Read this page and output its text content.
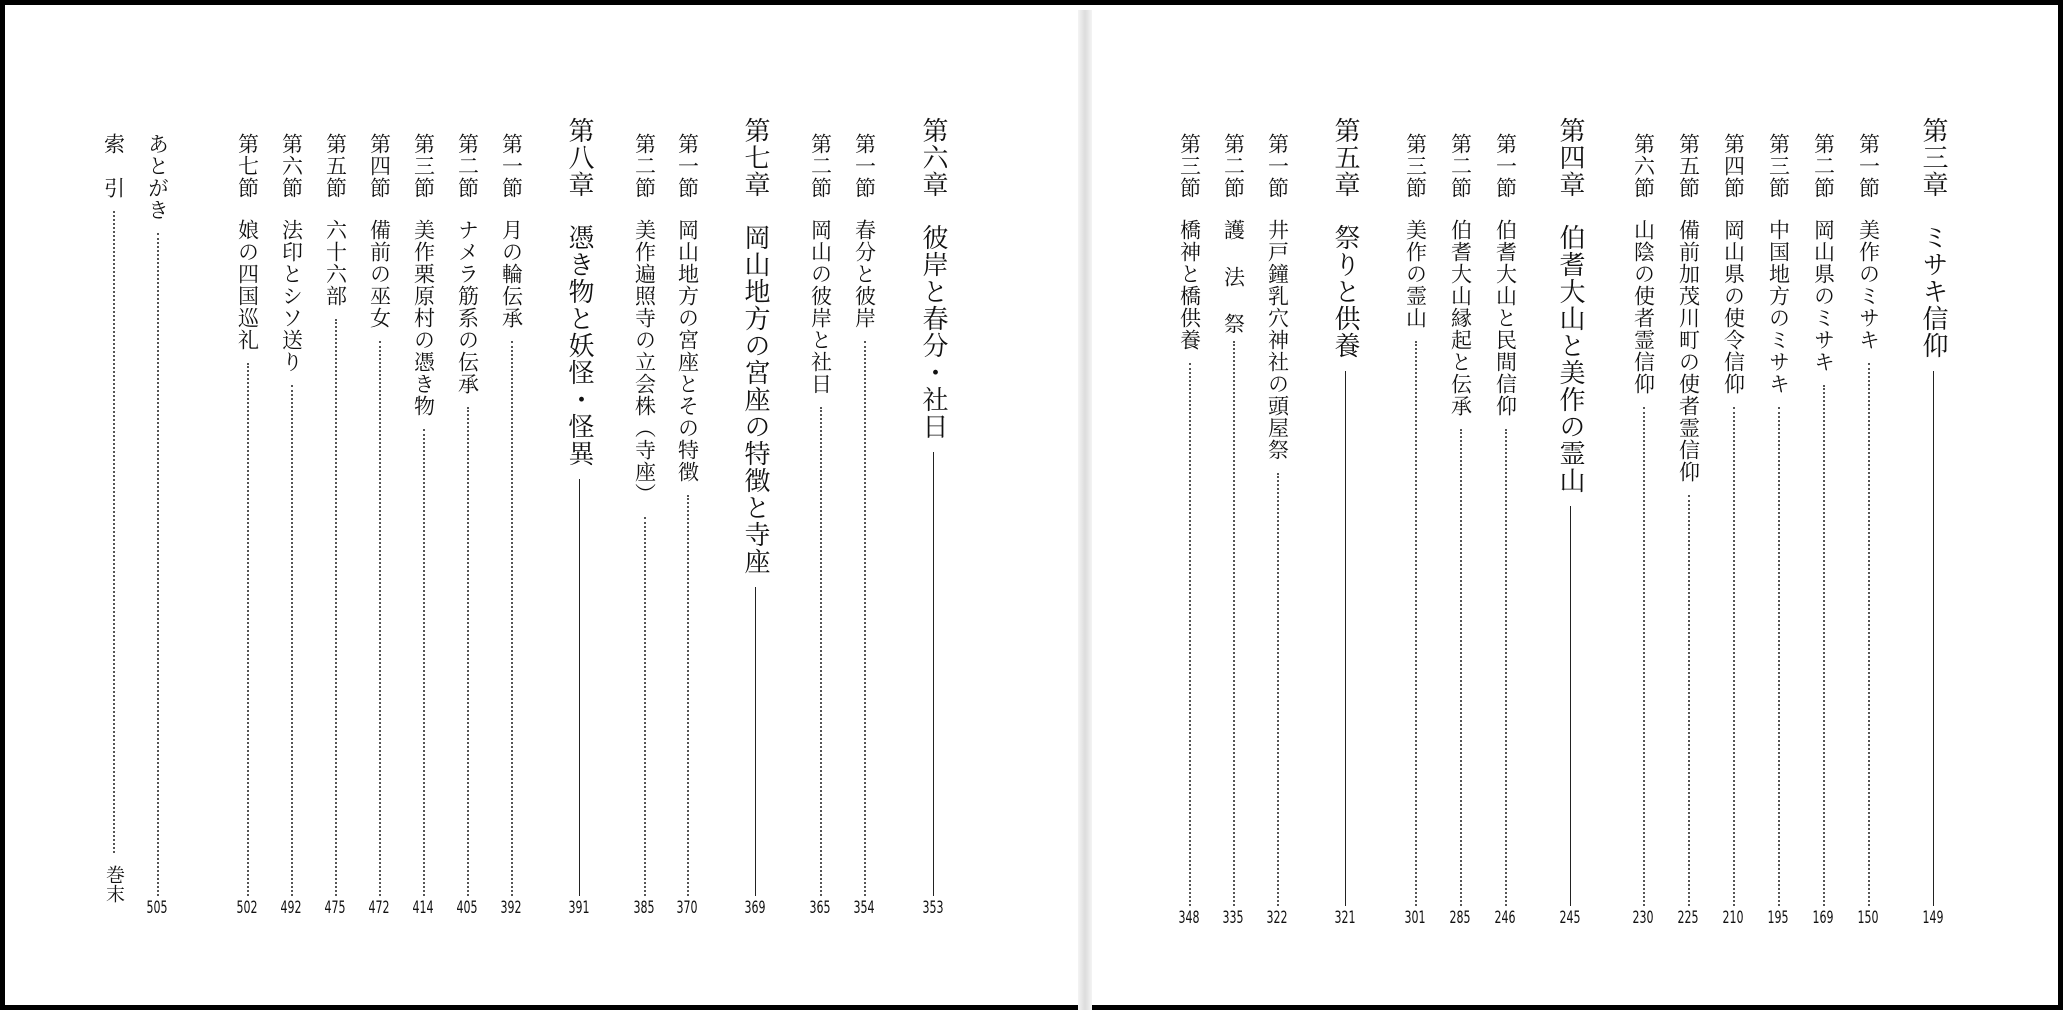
第六章
彼岸と春分・社日
353
第一節
春分と彼岸
354
第二節
岡山の彼岸と社日
365
第七章
岡山地方の宮座の特徴と寺座
369
第一節
岡山地方の宮座とその特徴
370
第二節
美作遍照寺の立会株（寺座）
385
第八章
憑き物と妖怪・怪異
391
第一節
月の輪伝承
392
第二節
ナメラ筋系の伝承
405
第三節
美作栗原村の憑き物
414
第四節
備前の巫女
472
第五節
六十六部
475
第六節
法印とシソ送り
492
第七節
娘の四国巡礼
502
あとがき
505
索　引
巻末
第三章
ミサキ信仰
149
第一節
美作のミサキ
150
第二節
岡山県のミサキ
169
第三節
中国地方のミサキ
195
第四節
岡山県の使令信仰
210
第五節
備前加茂川町の使者霊信仰
225
第六節
山陰の使者霊信仰
230
第四章
伯耆大山と美作の霊山
245
第一節
伯耆大山と民間信仰
246
第二節
伯耆大山縁起と伝承
285
第三節
美作の霊山
301
第五章
祭りと供養
321
第一節
井戸鐘乳穴神社の頭屋祭
322
第二節
護 法 祭
335
第三節
橋神と橋供養
348
